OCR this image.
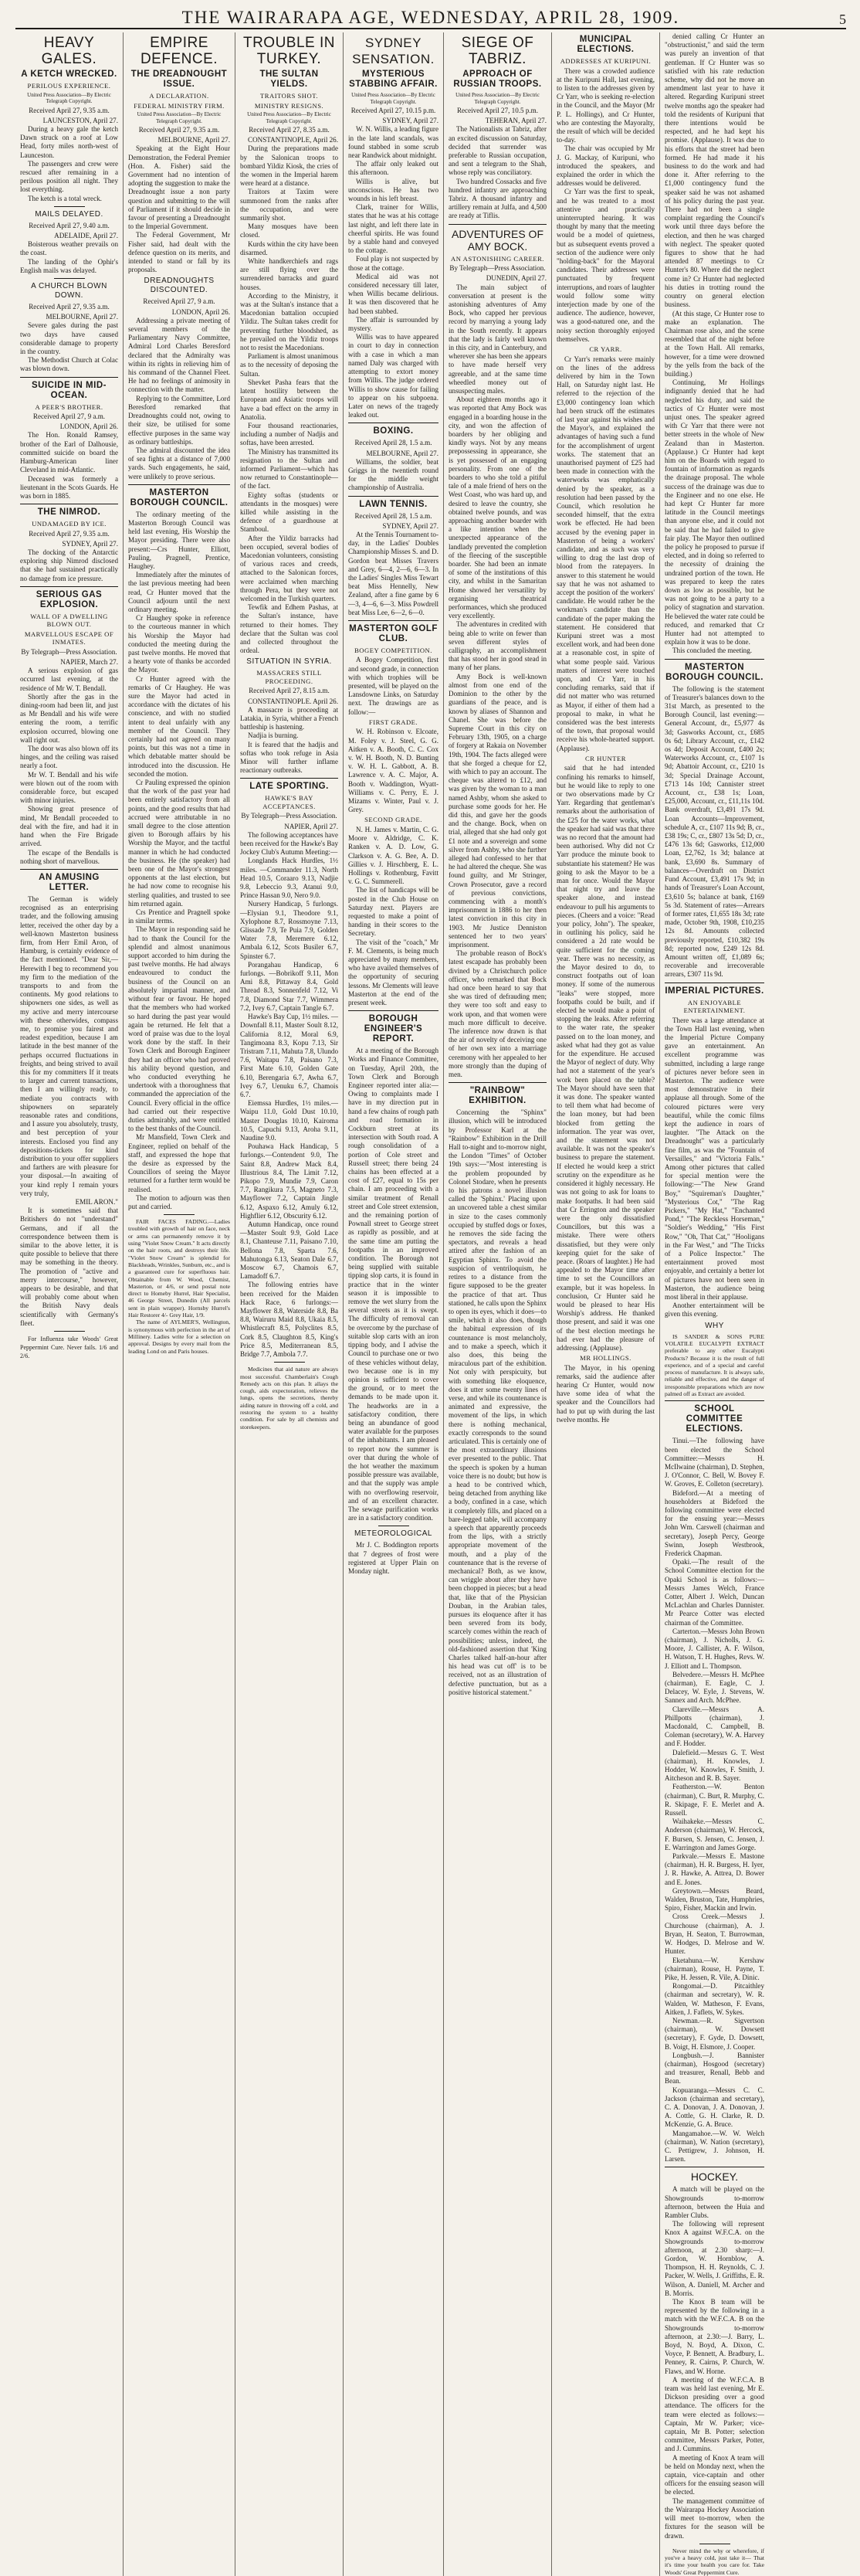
THE WAIRARAPA AGE, WEDNESDAY, APRIL 28, 1909.	5
HEAVY GALES.
A KETCH WRECKED.
PERILOUS EXPERIENCE.
United Press Association—By Electric Telegraph Copyright.
Received April 27, 9.35 a.m.
LAUNCESTON, April 27.

During a heavy gale the ketch Dawn struck on a roof at Low Head, forty miles north-west of Launceston.

The passengers and crew were rescued after remaining in a perilous position all night. They lost everything.

The ketch is a total wreck.

MAILS DELAYED.
Received April 27, 9.40 a.m.
ADELAIDE, April 27.

Boisterous weather prevails on the coast.

The landing of the Ophir's English mails was delayed.

A CHURCH BLOWN DOWN.
Received April 27, 9.35 a.m.
MELBOURNE, April 27.

Severe gales during the past two days have caused considerable damage to property in the country.

The Methodist Church at Colac was blown down.

SUICIDE IN MID-OCEAN.
A PEER'S BROTHER.
Received April 27, 9 a.m.
LONDON, April 26.

The Hon. Ronald Ramsey, brother of the Earl of Dalhousie, committed suicide on board the Hamburg-American liner Cleveland in mid-Atlantic.

Deceased was formerly a lieutenant in the Scots Guards. He was born in 1885.

THE NIMROD.
UNDAMAGED BY ICE.
Received April 27, 9.35 a.m.
SYDNEY, April 27.

The docking of the Antarctic exploring ship Nimrod disclosed that she had sustained practically no damage from ice pressure.

SERIOUS GAS EXPLOSION.
WALL OF A DWELLING BLOWN OUT.
MARVELLOUS ESCAPE OF INMATES.
By Telegraph—Press Association.
NAPIER, March 27.

A serious explosion of gas occurred last evening, at the residence of Mr W. T. Bendall.

Shortly after the gas in the dining-room had been lit, and just as Mr Bendall and his wife were entering the room, a terrific explosion occurred, blowing one wall right out.

The door was also blown off its hinges, and the ceiling was raised nearly a foot.

Mr W. T. Bendall and his wife were blown out of the room with considerable force, but escaped with minor injuries.

Showing great presence of mind, Mr Bendall proceeded to deal with the fire, and had it in hand when the Fire Brigade arrived.

The escape of the Bendalls is nothing short of marvellous.

AN AMUSING LETTER.

The German is widely recognised as an enterprising trader, and the following amusing letter, received the other day by a well-known Masterton business firm, from Herr Emil Aron, of Hamburg, is certainly evidence of the fact mentioned. "Dear Sir,—Herewith I beg to recommend you my firm to the mediation of the transports to and from the continents. My good relations to shipowners one sides, as well as my active and merry intercourse with these otherwides, compass me, to promise you fairest and readest expedition, because I am latitude in the best manner of the perhaps occurred fluctuations in freights, and being strived to avail this for my committers If it treats to larger and current transactions, then I am willingly ready, to mediate you contracts with shipowners on separately reasonable rates and conditions, and I assure you absolutely, trusty, and best perception of your interests. Enclosed you find any depositions-tickets for kind distribution to your offer suppliers and farthers are with pleasure for your disposal.—In awaiting of your kind reply I remain yours very truly,

EMIL ARON."

It is sometimes said that Britishers do not "understand" Germans, and if all the correspondence between them is similar to the above letter, it is quite possible to believe that there may be something in the theory. The promotion of "active and merry intercourse," however, appears to be desirable, and that will probably come about when the British Navy deals scientifically with Germany's fleet.

For Influenza take Woods' Great Peppermint Cure. Never fails. 1/6 and 2/6.

EMPIRE DEFENCE.
THE DREADNOUGHT ISSUE.
A DECLARATION.
FEDERAL MINISTRY FIRM.
United Press Association—By Electric Telegraph Copyright.
Received April 27, 9.35 a.m.
MELBOURNE, April 27.

Speaking at the Eight Hour Demonstration, the Federal Premier (Hon. A. Fisher) said the Government had no intention of adopting the suggestion to make the Dreadnought issue a non party question and submitting to the will of Parliament if it should decide in favour of presenting a Dreadnought to the Imperial Government.

The Federal Government, Mr Fisher said, had dealt with the defence question on its merits, and intended to stand or fall by its proposals.

DREADNOUGHTS DISCOUNTED.
Received April 27, 9 a.m.
LONDON, April 26.

Addressing a private meeting of several members of the Parliamentary Navy Committee, Admiral Lord Charles Beresford declared that the Admiralty was within its rights in relieving him of his command of the Channel Fleet. He had no feelings of animosity in connection with the matter.

Replying to the Committee, Lord Beresford remarked that Dreadnoughts could not, owing to their size, be utilised for some effective purposes in the same way as ordinary battleships.

The admiral discounted the idea of sea fights at a distance of 7,000 yards. Such engagements, he said, were unlikely to prove serious.

MASTERTON BOROUGH COUNCIL.

The ordinary meeting of the Masterton Borough Council was held last evening, His Worship the Mayor presiding. There were also present:—Crs Hunter, Elliott, Pauling, Pragnell, Prentice, Haughey.

Immediately after the minutes of the last previous meeting had been read, Cr Hunter moved that the Council adjourn until the next ordinary meeting.

Cr Haughey spoke in reference to the courteous manner in which his Worship the Mayor had conducted the meeting during the past twelve months. He moved that a hearty vote of thanks be accorded the Mayor.

Cr Hunter agreed with the remarks of Cr Haughey. He was sure the Mayor had acted in accordance with the dictates of his conscience, and with no studied intent to deal unfairly with any member of the Council. They certainly had not agreed on many points, but this was not a time in which debatable matter should be introduced into the discussion. He seconded the motion.

Cr Pauling expressed the opinion that the work of the past year had been entirely satisfactory from all points, and the good results that had accrued were attributable in no small degree to the close attention given to Borough affairs by his Worship the Mayor, and the tactful manner in which he had conducted the business. He (the speaker) had been one of the Mayor's strongest opponents at the last election, but he had now come to recognise his sterling qualities, and trusted to see him returned again.

Crs Prentice and Pragnell spoke in similar terms.

The Mayor in responding said he had to thank the Council for the splendid and almost unanimous support accorded to him during the past twelve months. He had always endeavoured to conduct the business of the Council on an absolutely impartial manner, and without fear or favour. He hoped that the members who had worked so hard during the past year would again be returned. He felt that a word of praise was due to the loyal work done by the staff. In their Town Clerk and Borough Engineer they had an officer who had proved his ability beyond question, and who conducted everything he undertook with a thoroughness that commanded the appreciation of the Council. Every official in the office had carried out their respective duties admirably, and were entitled to the best thanks of the Council.

Mr Mansfield, Town Clerk and Engineer, replied on behalf of the staff, and expressed the hope that the desire as expressed by the Councillors of seeing the Mayor returned for a further term would be realised.

The motion to adjourn was then put and carried.

FAIR FACES FADING.—Ladies troubled with growth of hair on face, neck or arms can permanently remove it by using "Violet Snow Cream." It acts directly on the hair roots, and destroys their life. "Violet Snow Cream" is splendid for Blackheads, Wrinkles, Sunburn, etc., and is a guaranteed cure for superfluous hair. Obtainable from W. Wood, Chemist, Masterton, or 4/6, or send postal note direct to Homeby Hurrel, Hair Specialist, 46 George Street, Dunedin (All parcels sent in plain wrapper). Hornsby Hurrel's Hair Restorer 4/- Grey Hair, 1/9.

The name of AYLMER'S, Wellington, is synonymous with perfection in the art of Millinery. Ladies write for a selection on approval. Designs by every mail from the leading Lond on and Paris houses.

TROUBLE IN TURKEY.
THE SULTAN YIELDS.
TRAITORS SHOT.
MINISTRY RESIGNS.
United Press Association—By Electric Telegraph Copyright.
Received April 27, 8.35 a.m.
CONSTANTINOPLE, April 26.

During the preparations made by the Salonican troops to bombard Yildiz Kiosk, the cries of the women in the Imperial harem were heard at a distance.

Traitors at Taxim were summoned from the ranks after the occupation, and were summarily shot.

Many mosques have been closed.

Kurds within the city have been disarmed.

White handkerchiefs and rags are still flying over the surrendered barracks and guard houses.

According to the Ministry, it was at the Sultan's instance that a Macedonian battalion occupied Yildiz. The Sultan takes credit for preventing further bloodshed, as he prevailed on the Yildiz troops not to resist the Macedonians.

Parliament is almost unanimous as to the necessity of deposing the Sultan.

Shevket Pasha fears that the latent hostility between the European and Asiatic troops will have a bad effect on the army in Anatolia.

Four thousand reactionaries, including a number of Nadjis and softas, have been arrested.

The Ministry has transmitted its resignation to the Sultan and informed Parliament—which has now returned to Constantinople—of the fact.

Eighty softas (students or attendants in the mosques) were killed while assisting in the defence of a guardhouse at Stamboul.

After the Yildiz barracks had been occupied, several bodies of Macedonian volunteers, consisting of various races and creeds, attached to the Salonican forces, were acclaimed when marching through Pera, but they were not welcomed in the Turkish quarters.

Tewfik and Edhem Pashas, at the Sultan's instance, have returned to their homes. They declare that the Sultan was cool and collected throughout the ordeal.

SITUATION IN SYRIA.
MASSACRES STILL PROCEEDING.
Received April 27, 8.15 a.m.
CONSTANTINOPLE. April 26.

A massacre is proceeding at Latakia, in Syria, whither a French battleship is hastening.

Nadjia is burning.

It is feared that the hadjis and softas who took refuge in Asia Minor will further inflame reactionary outbreaks.

LATE SPORTING.
HAWKE'S BAY ACCEPTANCES.
By Telegraph—Press Association.
NAPIER, April 27.

The following acceptances have been received for the Hawke's Bay Jockey Club's Autumn Meeting:—

Longlands Hack Hurdles, 1½ miles. —Commander 11.3, North Head 10.5, Coraaro 9.13, Nadjie 9.8, Lebeccio 9.3, Atanui 9.0, Prince Hassan 9.0, Nero 9.0.

Nursery Handicap, 5 furlongs. —Elysian 9.1, Theodore 9.1, Xylophone 8.7, Rossmoyne 7.13, Glissade 7.9, Te Puia 7.9, Golden Water 7.8, Meremere 6.12, Ambala 6.12, Scots Busiler 6.7, Spinster 6.7.

Porangahau Handicap, 6 furlongs. —Bobrikoff 9.11, Mon Ami 8.8, Pittaway 8.4, Gold Thread 8.3, Sonnenfeld 7.12, Vi 7.8, Diamond Star 7.7, Wimmera 7.2, Ivey 6.7, Captain Tangle 6.7.

Hawke's Bay Cup, 1½ miles. —Downfall 8.11, Master Soult 8.12, California 8.12, Moral 6.9, Tangimoana 8.3, Kopu 7.13, Sir Tristram 7.11, Mahuta 7.8, Ulundo 7.6, Waitapu 7.8, Paisano 7.3, First Mate 6.10, Golden Gate 6.10, Berengaria 6.7, Awha 6.7, Ivey 6.7, Uenuku 6.7, Chamois 6.7.

Eiemssa Hurdles, 1½ miles.—Waipu 11.0, Gold Dust 10.10, Master Douglas 10.10, Kairoma 10.5, Capuchi 9.13, Aroha 9.11, Naudine 9.0.

Pouhawa Hack Handicap, 5 furlongs.—Contendent 9.0, The Saint 8.8, Andrew Mack 8.4, Illustrious 8.4, The Limit 7.12, Pikopo 7.9, Mundie 7.9, Caron 7.7, Rangikura 7.5, Magneto 7.3, Mayflower 7.2, Captain Jingle 6.12, Aspaxo 6.12, Amuly 6.12, Highflier 6.12, Obscurity 6.12.

Autumn Handicap, once round—Master Soult 9.9, Gold Lace 8.1, Chanteuse 7.11, Paisano 7.10, Bellona 7.8, Sparta 7.6, Mahutonga 6.13, Seaton Dale 6.7, Moscow 6.7, Chamois 6.7, Lamadoff 6.7.

The following entries have been received for the Maiden Hack Race, 6 furlongs:—Mayflower 8.8, Waterside 8.8, Ba 8.8, Wairuru Maid 8.8, Ukaia 8.5, Whistlecraft 8.5, Polyclites 8.5, Cork 8.5, Claughton 8.5, King's Price 8.5, Mediterranean 8.5, Bridge 7.7, Ambola 7.7.

Medicines that aid nature are always most successful. Chamberlain's Cough Remedy acts on this plan. It allays the cough, aids expectoration, relieves the lungs, opens the secretions, thereby aiding nature in throwing off a cold, and restoring the system to a healthy condition. For sale by all chemists and storekeepers.

SYDNEY SENSATION.
MYSTERIOUS STABBING AFFAIR.
United Press Association—By Electric Telegraph Copyright.
Received April 27, 10.15 p.m.
SYDNEY, April 27.

W. N. Willis, a leading figure in the late land scandals, was found stabbed in some scrub near Randwick about midnight.

The affair only leaked out this afternoon.

Willis is alive, but unconscious. He has two wounds in his left breast.

Clark, trainer for Willis, states that he was at his cottage last night, and left there late in cheerful spirits. He was found by a stable hand and conveyed to the cottage.

Foul play is not suspected by those at the cottage.

Medical aid was not considered necessary till later, when Willis became delirious. It was then discovered that he had been stabbed.

The affair is surrounded by mystery.

Willis was to have appeared in court to day in connection with a case in which a man named Daly was charged with attempting to extort money from Willis. The judge ordered Willis to show cause for failing to appear on his subpoena. Later on news of the tragedy leaked out.

BOXING.
Received April 28, 1.5 a.m.
MELBOURNE, April 27.

Williams, the soldier, beat Griggs in the twentieth round for the middle weight championship of Australia.

LAWN TENNIS.
Received April 28, 1.5 a.m.
SYDNEY, April 27.

At the Tennis Tournament to-day, in the Ladies' Doubles Championship Misses S. and D. Gordon beat Misses Travers and Grey, 6—4, 2—6, 6—3. In the Ladies' Singles Miss Tewart beat Miss Hennelly, New Zealand, after a fine game by 6—3, 4—6, 6—3. Miss Powdrell beat Miss Lee, 6—2, 6—0.

MASTERTON GOLF CLUB.
BOGEY COMPETITION.

A Bogey Competition, first and second grade, in connection with which trophies will be presented, will be played on the Lansdowne Links, on Saturday next. The drawings are as follow:—

FIRST GRADE.

W. H. Robinson v. Elcoate, M. Foley v. J. Steel, G. G. Aitken v. A. Booth, C. C. Cox v. W. H. Booth, N. D. Bunting v. W. H. L. Gabbott, A. B. Lawrence v. A. C. Major, A. Booth v. Waddington, Wyatt-Williams v. C. Perry, E. J. Mizams v. Winter, Paul v. J. Grey.

SECOND GRADE.

N. H. James v. Martin, C. G. Moore v. Aldridge, C. K. Ranken v. A. D. Low, G. Clarkson v. A. G. Bee, A. D. Gillies v. J. Hirschberg, E. L. Hollings v. Rothenburg, Favitt v. G. C. Summerell.

The list of handicaps will be posted in the Club House on Saturday next. Players are requested to make a point of handing in their scores to the Secretary.

The visit of the "coach," Mr F. M. Clements, is being much appreciated by many members, who have availed themselves of the opportunity of securing lessons. Mr Clements will leave Masterton at the end of the present week.

BOROUGH ENGINEER'S REPORT.

At a meeting of the Borough Works and Finance Committee, on Tuesday, April 20th, the Town Clerk and Borough Engineer reported inter alia:—Owing to complaints made I have in my direction put in hand a few chains of rough path and road formation in Cockburn street at its intersection with South road. A rough consolidation of a portion of Cole street and Russell street; there being 24 chains has been effected at a cost of £27, equal to 15s per chain. I am proceeding with a similar treatment of Renall street and Cole street extension, and the remaining portion of Pownall street to George street as rapidly as possible, and at the same time am putting the footpaths in an improved condition. The Borough not being supplied with suitable tipping slop carts, it is found in practice that in the winter season it is impossible to remove the wet slurry from the several streets as it is swept. The difficulty of removal can be overcome by the purchase of suitable slop carts with an iron tipping body, and I advise the Council to purchase one or two of these vehicles without delay, two because one is in my opinion is sufficient to cover the ground, or to meet the demands to be made upon it. The headworks are in a satisfactory condition, there being an abundance of good water available for the purposes of the inhabitants. I am pleased to report now the summer is over that during the whole of the hot weather the maximum possible pressure was available, and that the supply was ample with no overflowing reservoir, and of an excellent character. The sewage purification works are in a satisfactory condition.

METEOROLOGICAL

Mr J. C. Boddington reports that 7 degrees of frost were registered at Upper Plain on Monday night.

SIEGE OF TABRIZ.
APPROACH OF RUSSIAN TROOPS.
United Press Association—By Electric Telegraph Copyright.
Received April 27, 10.5 p.m.
TEHERAN, April 27.

The Nationalists at Tabriz, after an excited discussion on Saturday, decided that surrender was preferable to Russian occupation, and sent a telegram to the Shah, whose reply was conciliatory.

Two hundred Cossacks and five hundred infantry are approaching Tabriz. A thousand infantry and artillery remain at Julfa, and 4,500 are ready at Tiflis.

ADVENTURES OF AMY BOCK.
AN ASTONISHING CAREER.
By Telegraph—Press Association.
DUNEDIN, April 27.

The main subject of conversation at present is the astonishing adventures of Amy Bock, who capped her previous record by marrying a young lady in the South recently. It appears that the lady is fairly well known in this city, and in Canterbury, and wherever she has been she appears to have made herself very agreeable, and at the same time wheedled money out of unsuspecting males.

About eighteen months ago it was reported that Amy Bock was engaged in a boarding house in the city, and won the affection of boarders by her obliging and kindly ways. Not by any means prepossessing in appearance, she is yet possessed of an engaging personality. From one of the boarders to who she told a pitiful tale of a male friend of hers on the West Coast, who was hard up, and desired to leave the country, she obtained twelve pounds, and was approaching another boarder with a like intention when the unexpected appearance of the landlady prevented the completion of the fleecing of the susceptible boarder. She had been an inmate of some of the institutions of this city, and whilst in the Samaritan Home showed her versatility by organising theatrical performances, which she produced very excellently.

The adventures in credited with being able to write on fewer than seven different styles of calligraphy, an accomplishment that has stood her in good stead in many of her plans.

Amy Bock is well-known almost from one end of the Dominion to the other by the guardians of the peace, and is known by aliases of Shannon and Chanel. She was before the Supreme Court in this city on February 13th, 1905, on a charge of forgery at Rakaia on November 19th, 1904. The facts alleged were that she forged a cheque for £2, with which to pay an account. The cheque was altered to £12, and was given by the woman to a man named Ashby, whom she asked to purchase some goods for her. He did this, and gave her the goods and the change. Bock, when on trial, alleged that she had only got £1 note and a sovereign and some silver from Ashby, who she further alleged had confessed to her that he had altered the cheque. She was found guilty, and Mr Stringer, Crown Prosecutor, gave a record of previous convictions, commencing with a month's imprisonment in 1886 to her then latest conviction in this city in 1903. Mr Justice Denniston sentenced her to two years' imprisonment.

The probable reason of Bock's latest escapade has probably been divined by a Christchurch police officer, who remarked that Bock had once been heard to say that she was tired of defrauding men; they were too soft and easy to work upon, and that women were much more difficult to deceive. The inference now drawn is that the air of novelty of deceiving one of her own sex into a marriage ceremony with her appealed to her more strongly than the duping of men.

"RAINBOW" EXHIBITION.

Concerning the "Sphinx" illusion, which will be introduced by Professor Karl at the "Rainbow" Exhibition in the Drill Hall to-night and to-morrow night, the London "Times" of October 19th says:—"Most interesting is the problem propounded by Colonel Stodare, when he presents to his patrons a novel illusion called the 'Sphinx.' Placing upon an uncovered table a chest similar in size to the cases commonly occupied by stuffed dogs or foxes, he removes the side facing the spectators, and reveals a head attired after the fashion of an Egyptian Sphinx. To avoid the suspicion of ventriloquism, he retires to a distance from the figure supposed to be the greater the practice of that art. Thus stationed, he calls upon the Sphinx to open its eyes, which it does—to smile, which it also does, though the habitual expression of its countenance is most melancholy, and to make a speech, which it also does, this being the miraculous part of the exhibition. Not only with perspicuity, but with something like eloquence, does it utter some twenty lines of verse, and while its countenance is animated and expressive, the movement of the lips, in which there is nothing mechanical, exactly corresponds to the sound articulated. This is certainly one of the most extraordinary illusions ever presented to the public. That the speech is spoken by a human voice there is no doubt; but how is a head to be contrived which, being detached from anything like a body, confined in a case, which it completely fills, and placed on a bare-legged table, will accompany a speech that apparently proceeds from the lips, with a strictly appropriate movement of the mouth, and a play of the countenance that is the reverse of mechanical? Both, as we know, can wriggle about after they have been chopped in pieces; but a head that, like that of the Physician Douban, in the Arabian tales, pursues its eloquence after it has been severed from its body, scarcely comes within the reach of possibilities; unless, indeed, the old-fashioned assertion that 'King Charles talked half-an-hour after his head was cut off' is to be received, not as an illustration of defective punctuation, but as a positive historical statement."

MUNICIPAL ELECTIONS.
ADDRESSES AT KURIPUNI.

There was a crowded audience at the Kuripuni Hall, last evening, to listen to the addresses given by Cr Yarr, who is seeking re-election in the Council, and the Mayor (Mr P. L. Hollings), and Cr Hunter, who are contesting the Mayoralty, the result of which will be decided to-day.

The chair was occupied by Mr J. G. Mackay, of Kuripuni, who introduced the speakers, and explained the order in which the addresses would be delivered.

Cr Yarr was the first to speak, and he was treated to a most attentive and practically uninterrupted hearing. It was thought by many that the meeting would be a model of quietness, but as subsequent events proved a section of the audience were only "holding-back" for the Mayoral candidates. Their addresses were punctuated by frequent interruptions, and roars of laughter would follow some witty interjection made by one of the audience. The audience, however, was a good-natured one, and the noisy section thoroughly enjoyed themselves.

CR YARR.

Cr Yarr's remarks were mainly on the lines of the address delivered by him in the Town Hall, on Saturday night last. He referred to the rejection of the £3,000 contingency loan which had been struck off the estimates of last year against his wishes and the Mayor's, and explained the advantages of having such a fund for the accomplishment of urgent works. The statement that an unauthorised payment of £25 had been made in connection with the waterworks was emphatically denied by the speaker, as a resolution had been passed by the Council, which resolution he seconded himself, that the extra work be effected. He had been accused by the evening paper in Masterton of being a workers' candidate, and as such was very willing to drag the last drop of blood from the ratepayers. In answer to this statement he would say that he was not ashamed to accept the position of the workers' candidate. He would rather be the workman's candidate than the candidate of the paper making the statement. He considered that Kuripuni street was a most excellent work, and had been done at a reasonable cost, in spite of what some people said. Various matters of interest were touched upon, and Cr Yarr, in his concluding remarks, said that if did not matter who was returned as Mayor, if either of them had a proposal to make, in what he considered was the best interests of the town, that proposal would receive his whole-hearted support. (Applause).

CR HUNTER

said that he had intended confining his remarks to himself, but he would like to reply to one or two observations made by Cr Yarr. Regarding that gentleman's remarks about the authorisation of the £25 for the water works, what the speaker had said was that there was no record that the amount had been authorised. Why did not Cr Yarr produce the minute book to substantiate his statement? He was going to ask the Mayor to be a man for once. Would the Mayor that night try and leave the speaker alone, and instead endeavour to pull his arguments to pieces. (Cheers and a voice: "Read your policy, John"). The speaker, in outlining his policy, said he considered a 2d rate would be quite sufficient for the coming year. There was no necessity, as the Mayor desired to do, to construct footpaths out of loan money. If some of the numerous "leaks" were stopped, more footpaths could be built, and if elected he would make a point of stopping the leaks. After referring to the water rate, the speaker passed on to the loan money, and asked what had they got as value for the expenditure. He accused the Mayor of neglect of duty. Why had not a statement of the year's work been placed on the table? The Mayor should have seen that it was done. The speaker wanted to tell them what had become of the loan money, but had been blocked from getting the information. The year was over, and the statement was not available. It was not the speaker's business to prepare the statement. If elected he would keep a strict scrutiny on the expenditure as he considered it highly necessary. He was not going to ask for loans to make footpaths. It had been said that Cr Errington and the speaker were the only dissatisfied Councillors, but this was a mistake. There were others dissatisfied, but they were only keeping quiet for the sake of peace. (Roars of laughter.) He had appealed to the Mayor time after time to set the Councillors an example, but it was hopeless. In conclusion, Cr Hunter said he would be pleased to hear His Worship's address. He thanked those present, and said it was one of the best election meetings he had ever had the pleasure of addressing. (Applause).

MR HOLLINGS.

The Mayor, in his opening remarks, said the audience after hearing Cr Hunter, would now have some idea of what the speaker and the Councillors had had to put up with during the last twelve months. He

denied calling Cr Hunter an "obstructionist," and said the term was purely an invention of that gentleman. If Cr Hunter was so satisfied with his rate reduction scheme, why did not he move an amendment last year to have it altered. Regarding Kuripuni street twelve months ago the speaker had told the residents of Kuripuni that there intentions would be respected, and he had kept his promise. (Applause). It was due to his efforts that the street had been formed. He had made it his business to do the work and had done it. After referring to the £1,000 contingency fund the speaker said he was not ashamed of his policy during the past year. There had not been a single complaint regarding the Council's work until three days before the election, and then he was charged with neglect. The speaker quoted figures to show that he had attended 87 meetings to Cr Hunter's 80. Where did the neglect come in? Cr Hunter had neglected his duties in trotting round the country on general election business.

(At this stage, Cr Hunter rose to make an explanation. The Chairman rose also, and the scene resembled that of the night before at the Town Hall. All remarks, however, for a time were drowned by the yells from the back of the building.)

Continuing, Mr Hollings indignantly denied that he had neglected his duty, and said the tactics of Cr Hunter were most unjust ones. The speaker agreed with Cr Yarr that there were not better streets in the whole of New Zealand than in Masterton. (Applause.) Cr Hunter had kept him on the Boards with regard to fountain of information as regards the drainage proposal. The whole success of the drainage was due to the Engineer and no one else. He had kept Cr Hunter far more latitude in the Council meetings than anyone else, and it could not be said that he had failed to give fair play. The Mayor then outlined the policy he proposed to pursue if elected, and in doing so referred to the necessity of draining the undrained portion of the town. He was prepared to keep the rates down as low as possible, but he was not going to be a party to a policy of stagnation and starvation. He believed the water rate could be reduced, and remarked that Cr Hunter had not attempted to explain how it was to be done.

This concluded the meeting.

MASTERTON BOROUGH COUNCIL.

The following is the statement of Treasurer's balances down to the 31st March, as presented to the Borough Council, last evening:—General Account, dr., £5,977 4s 3d; Gasworks Account, cr., £685 0s 6d; Library Account, cr., £142 os 4d; Deposit Account, £400 2s; Waterworks Account, cr., £107 1s 9d; Abattoir Account, cr., £210 1s 3d; Special Drainage Account, £713 14s 10d; Cannister street Account, cr., £38 1s; Loan, £25,000, Account, cr., £11,11s 10d. Bank overdraft, £3,491 17s 9d. Loan Accounts—Improvement, schedule A, cr., £107 11s 9d; B, cr., £38 19s; C, cr., £807 13s 5d; D, cr., £476 13s 6d; Gasworks, £12,000 Loan, £2,762, 1s 3d; balance at bank, £3,690 8s. Summary of balances—Overdraft on District Fund Account, £3,491 17s 9d; in hands of Treasurer's Loan Account, £3,610 5s; balance at bank, £169 5s 3d. Statement of rates—Arrears of former rates, £1,655 18s 3d; rate made, October 9th, 1908, £10,235 12s 8d. Amounts collected previously reported, £10,382 19s 8d; reported now, £249 12s 8d. Amount written off, £1,089 6s; recoverable and irrecoverable arrears, £307 11s 9d.

IMPERIAL PICTURES.
AN ENJOYABLE ENTERTAINMENT.

There was a large attendance at the Town Hall last evening, when the Imperial Picture Company gave an entertainment. An excellent programme was submitted, including a large range of pictures never before seen in Masterton. The audience were most demonstrative in their applause all through. Some of the coloured pictures were very beautiful, while the comic films kept the audience in roars of laughter. "The Attack on the Dreadnought" was a particularly fine film, as was the "Fountain of Versailles," and "Victoria Falls." Among other pictures that called for special mention were the following:—"The New Grand Boy," "Squireman's Daughter," "Mysterious Cot," "The Rag Pickers," "My Hat," "Enchanted Pond," "The Reckless Horseman," "Soldier's Wedding," "His First Row," "Oh, That Cat," "Hooligans in the Far West," and "The Tricks of a Police Inspector." The entertainment proved most enjoyable, and certainly a better lot of pictures have not been seen in Masterton, the audience being most liberal in their applause.

Another entertainment will be given this evening.

WHY

IS SANDER & SONS PURE VOLATILE EUCALYPTI EXTRACT preferable to any other Eucalypti Products? Because it is the result of full experience, and of a special and careful process of manufacture. It is always safe, reliable and effective, and the danger of irresponsible preparations which are now palmed off as Extract are avoided.

SCHOOL COMMITTEE ELECTIONS.

Tinui.—The following have been elected the School Committee:—Messrs H. McIlwaine (chairman), D. Stephen, J. O'Connor, C. Bell, W. Bovey F. W. Groves, E. Colleton (secretary).

Bideford.—At a meeting of householders at Bideford the following committee were elected for the ensuing year:—Messrs John Wm. Carswell (chairman and secretary), Joseph Percy, George Swinn, Joseph Westbrook, Frederick Chapman.

Opaki.—The result of the School Committee election for the Opaki School is as follows:—Messrs James Welch, France Cotter, Albert J. Welch, Duncan McLachlan and Charles Dannister. Mr Pearce Cotter was elected chairman of the Committee.

Carterton.—Messrs John Brown (chairman), J. Nicholls, J. G. Moore, J. Callister, A. F. Wilson, H. Watson, T. H. Hughes, Revs. W. J. Elliott and L. Thompson.

Belvedere.—Messrs H. McPhee (chairman), E. Eagle, C. J. Delacey, W. Eyle, J. Stevens, W. Sannex and Arch. McPhee.

Clareville.—Messrs A. Phillpotts (chairman), J. Macdonald, C. Campbell, B. Coleman (secretary), W. A. Harvey and F. Hodder.

Dalefield.—Messrs G. T. West (chairman), H. Knowles, J. Hodder, W. Knowles, F. Smith, J. Aitcheson and R. B. Sayer.

Featherston.—W. Benton (chairman), C. Burt, R. Murphy, C. R. Skipage, F. E. Merlet and A. Russell.

Waihakeke.—Messrs C. Anderson (chairman), W. Hercock, F. Bursen, S. Jensen, C. Jensen, J. E. Warrington and James Gorge.

Parkvale.—Messrs E. Mastone (chairman), H. R. Burgess, H. Iyer, J. R. Hawke, A. Attrea, D. Bower and E. Jones.

Greytown.—Messrs Beard, Walden, Bruston, Tate, Humphries, Spiro, Fisher, Mackin and Irwin.

Cross Creek.—Messrs J. Churchouse (chairman), A. J. Bryan, H. Seaton, T. Burrowman, W. Hodges, D. Melrose and W. Hunter.

Eketahuna.—W. Kershaw (chairman), Rouse, H. Payne, T. Pike, H. Jessen, R. Vile, A. Dinic.

Rongomai.—D. Pitcaithley (chairman and secretary), W. R. Walden, W. Matheson, F. Evans, Aitken, J. Faflets, W. Sykes.

Newman.—R. Sigvertson (chairman), W. Dowsett (secretary), F. Gyde, D. Dowsett, B. Voigt, H. Elsmore, J. Cooper.

Longbush.—J. Bannister (chairman), Hosgood (secretary) and treasurer, Renall, Bebb and Bean.

Kopuaranga.—Messrs C. C. Jackson (chairman and secretary), C. A. Donovan, J. A. Donovan, J. A. Cottle, G. H. Clarke, R. D. McKenzie, G. A. Bruce.

Mangamahoe.—W. W. Welch (chairman), W. Nation (secretary), C. Pettigrew, J. Johnson, H. Larsen.

HOCKEY.

A match will be played on the Showgrounds to-morrow afternoon, between the Huia and Rambler Clubs.

The following will represent Knox A against W.F.C.A. on the Showgrounds to-morrow afternoon, at 2.30 sharp:—J. Gordon, W. Hornblow, A. Thompson, H. H. Reynolds, C. J. Packer, W. Wells, J. Griffiths, E. R. Wilson, A. Daniell, M. Archer and B. Morris.

The Knox B team will be represented by the following in a match with the W.F.C.A. B on the Showgrounds to-morrow afternoon, at 2.30:—J. Barry, L. Boyd, N. Boyd, A. Dixon, C. Voyce, P. Bennett, A. Bradbury, L. Penney, R. Cairns, P. Church, W. Flaws, and W. Horne.

A meeting of the W.F.C.A. B team was held last evening, Mr E. Dickson presiding over a good attendance. The officers for the team were elected as follows:—Captain, Mr W. Parker; vice-captain, Mr B. Potter; selection committee, Messrs Parker, Potter, and J. Cummins.

A meeting of Knox A team will be held on Monday next, when the captain, vice-captain and other officers for the ensuing season will be elected.

The management committee of the Wairarapa Hockey Association will meet to-morrow, when the fixtures for the season will be drawn.

Never mind the why or wherefore, if you've a heavy cold, just take it— That it's time your health you care for. Take Woods' Great Peppermint Cure.
